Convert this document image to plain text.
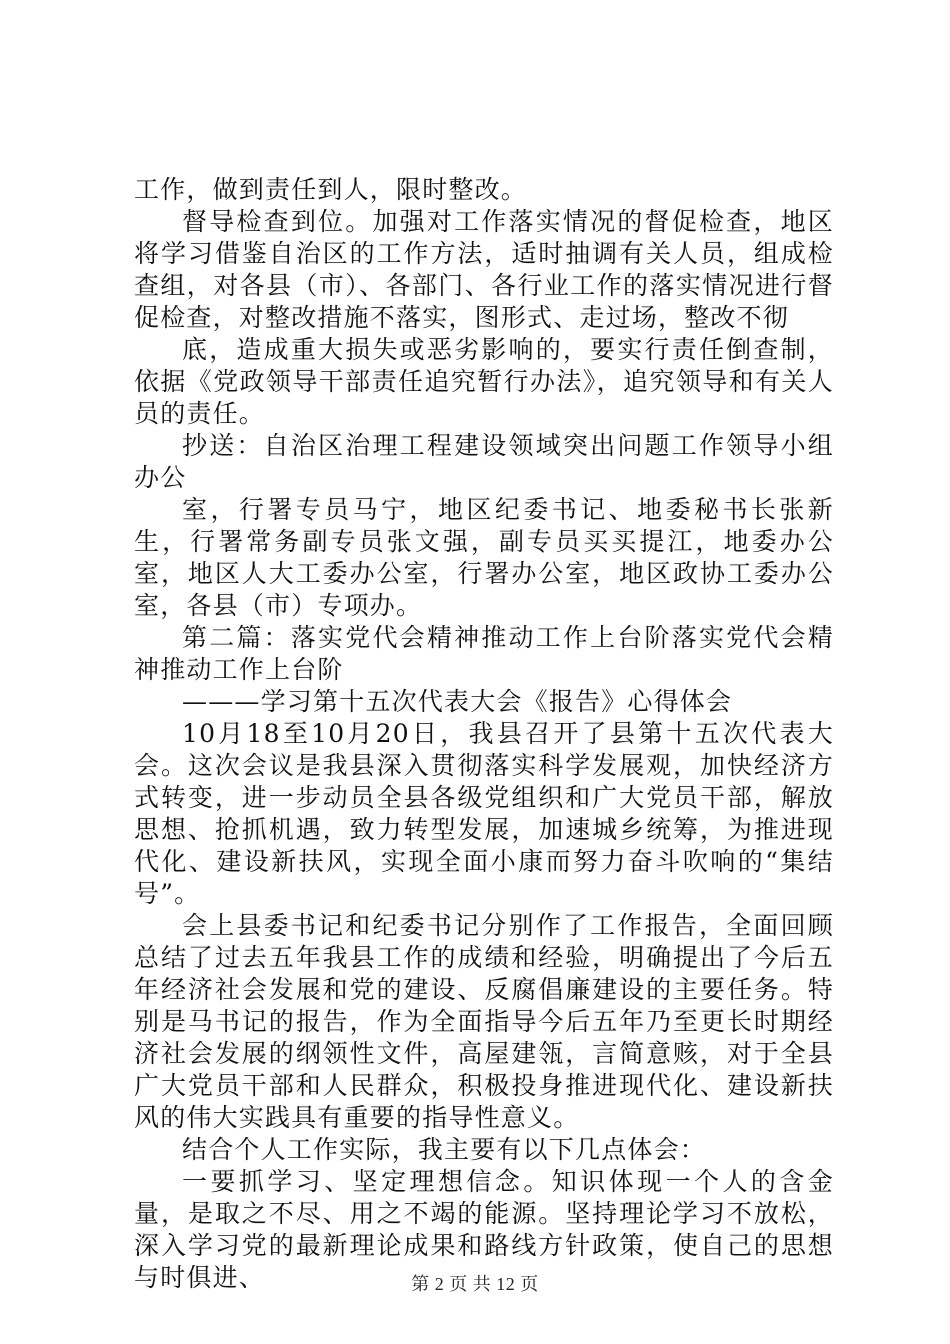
工作，做到责任到人，限时整改。

督导检查到位。加强对工作落实情况的督促检查，地区将学习借鉴自治区的工作方法，适时抽调有关人员，组成检查组，对各县（市）、各部门、各行业工作的落实情况进行督促检查，对整改措施不落实，图形式、走过场，整改不彻

底，造成重大损失或恶劣影响的，要实行责任倒查制，依据《党政领导干部责任追究暂行办法》，追究领导和有关人员的责任。

抄送：自治区治理工程建设领域突出问题工作领导小组办公

室，行署专员马宁，地区纪委书记、地委秘书长张新生，行署常务副专员张文强，副专员买买提江，地委办公室，地区人大工委办公室，行署办公室，地区政协工委办公室，各县（市）专项办。

第二篇：落实党代会精神推动工作上台阶落实党代会精神推动工作上台阶

———学习第十五次代表大会《报告》心得体会

10月18至10月20日，我县召开了县第十五次代表大会。这次会议是我县深入贯彻落实科学发展观，加快经济方式转变，进一步动员全县各级党组织和广大党员干部，解放思想、抢抓机遇，致力转型发展，加速城乡统筹，为推进现代化、建设新扶风，实现全面小康而努力奋斗吹响的“集结号”。

会上县委书记和纪委书记分别作了工作报告，全面回顾总结了过去五年我县工作的成绩和经验，明确提出了今后五年经济社会发展和党的建设、反腐倡廉建设的主要任务。特别是马书记的报告，作为全面指导今后五年乃至更长时期经济社会发展的纲领性文件，高屋建瓴，言简意赅，对于全县广大党员干部和人民群众，积极投身推进现代化、建设新扶风的伟大实践具有重要的指导性意义。

结合个人工作实际，我主要有以下几点体会：

一要抓学习、坚定理想信念。知识体现一个人的含金量，是取之不尽、用之不竭的能源。坚持理论学习不放松，深入学习党的最新理论成果和路线方针政策，使自己的思想与时俱进、	第 2 页 共 12 页
